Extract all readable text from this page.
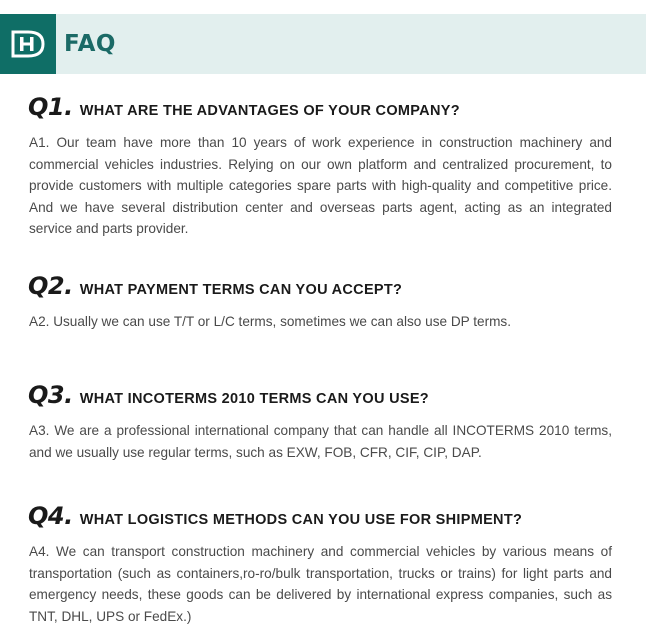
FAQ
Q1. WHAT ARE THE ADVANTAGES OF YOUR COMPANY?
A1. Our team have more than 10 years of work experience in construction machinery and commercial vehicles industries. Relying on our own platform and centralized procurement, to provide customers with multiple categories spare parts with high-quality and competitive price. And we have several distribution center and overseas parts agent, acting as an integrated service and parts provider.
Q2. WHAT PAYMENT TERMS CAN YOU ACCEPT?
A2. Usually we can use T/T or L/C terms, sometimes we can also use DP terms.
Q3. WHAT INCOTERMS 2010 TERMS CAN YOU USE?
A3. We are a professional international company that can handle all INCOTERMS 2010 terms, and we usually use regular terms, such as EXW, FOB, CFR, CIF, CIP, DAP.
Q4. WHAT LOGISTICS METHODS CAN YOU USE FOR SHIPMENT?
A4. We can transport construction machinery and commercial vehicles by various means of transportation (such as containers,ro-ro/bulk transportation, trucks or trains) for light parts and emergency needs, these goods can be delivered by international express companies, such as TNT, DHL, UPS or FedEx.)
